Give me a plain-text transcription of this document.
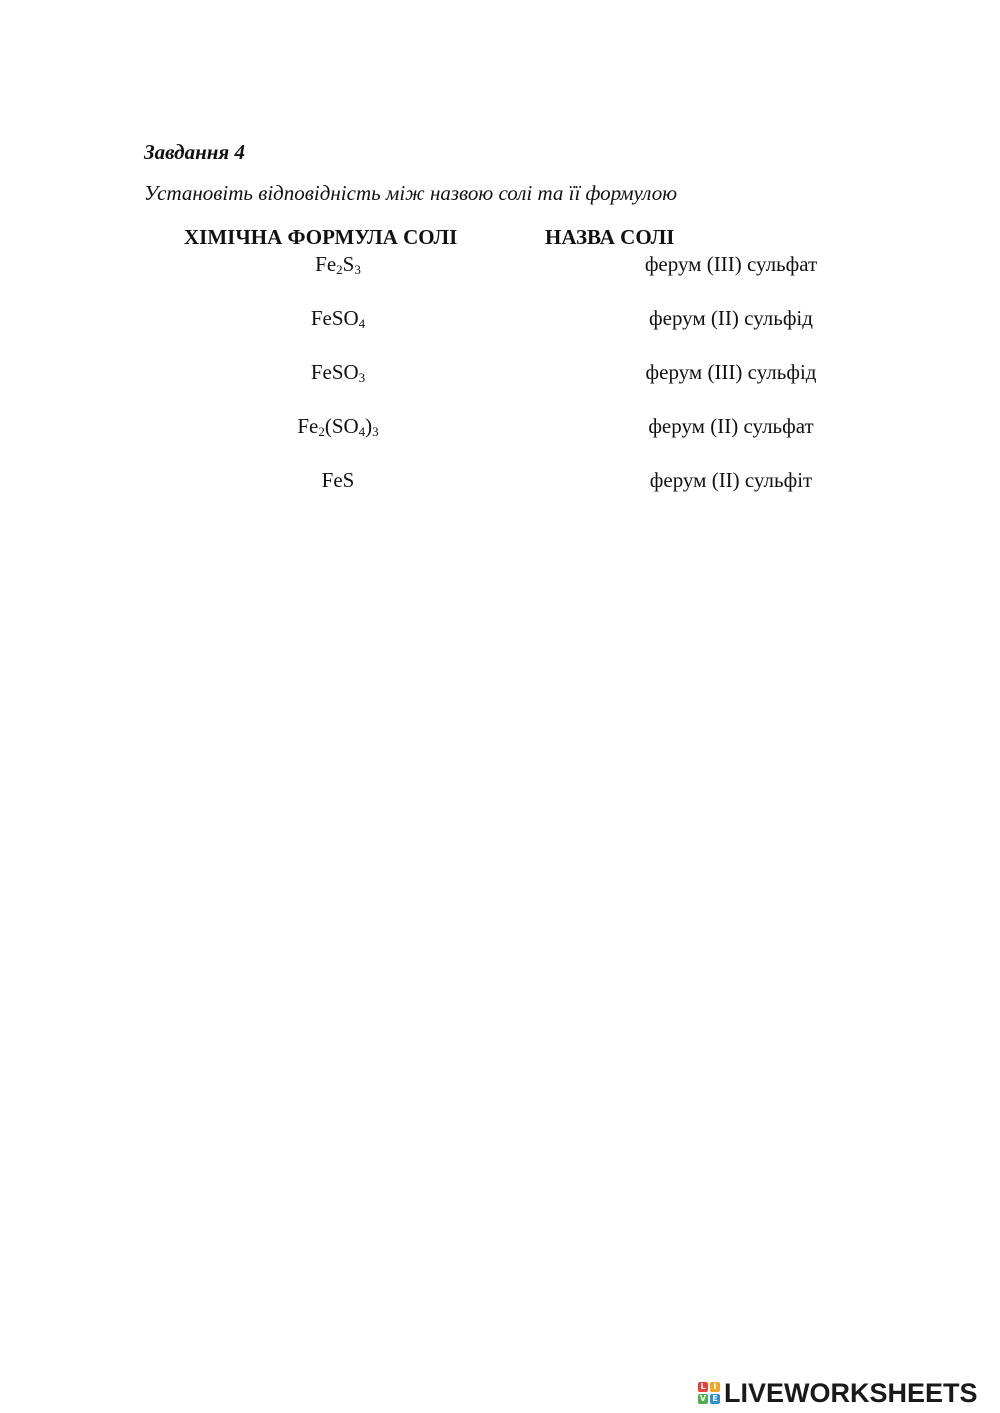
Завдання 4
Установіть відповідність між назвою солі та її формулою
ХІМІЧНА ФОРМУЛА СОЛІ	НАЗВА СОЛІ
$Fe_2S_3$
FeSO$_4$
FeSO$_3$
$Fe_2(SO_4)_3$
FeS
ферум (III) сульфат
ферум (II) сульфід
ферум (III) сульфід
ферум (II) сульфат
ферум (II) сульфіт
L I
V E LIVEWORKSHEETS
